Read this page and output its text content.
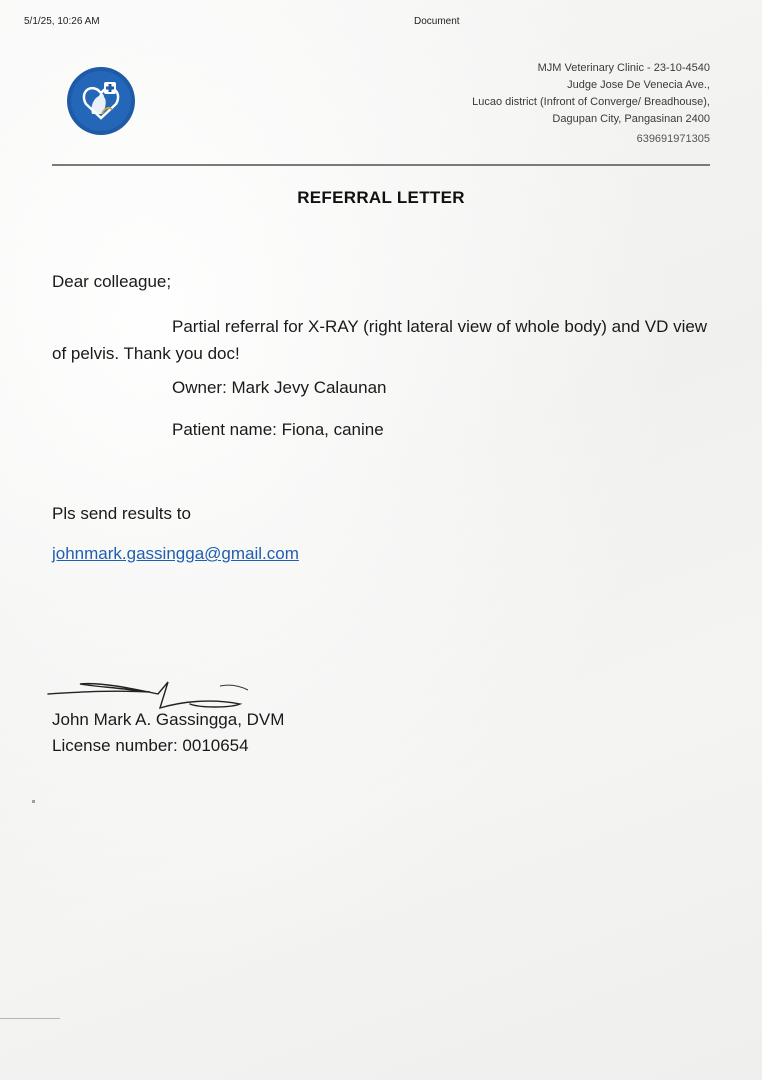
5/1/25, 10:26 AM	Document
MJM Veterinary Clinic - 23-10-4540
Judge Jose De Venecia Ave.,
Lucao district (Infront of Converge/ Breadhouse),
Dagupan City, Pangasinan 2400
639691971305
REFERRAL LETTER
Dear colleague;
Partial referral for X-RAY (right lateral view of whole body) and VD view of pelvis. Thank you doc!
Owner: Mark Jevy Calaunan
Patient name: Fiona, canine
Pls send results to
johnmark.gassingga@gmail.com
John Mark A. Gassingga, DVM
License number: 0010654
